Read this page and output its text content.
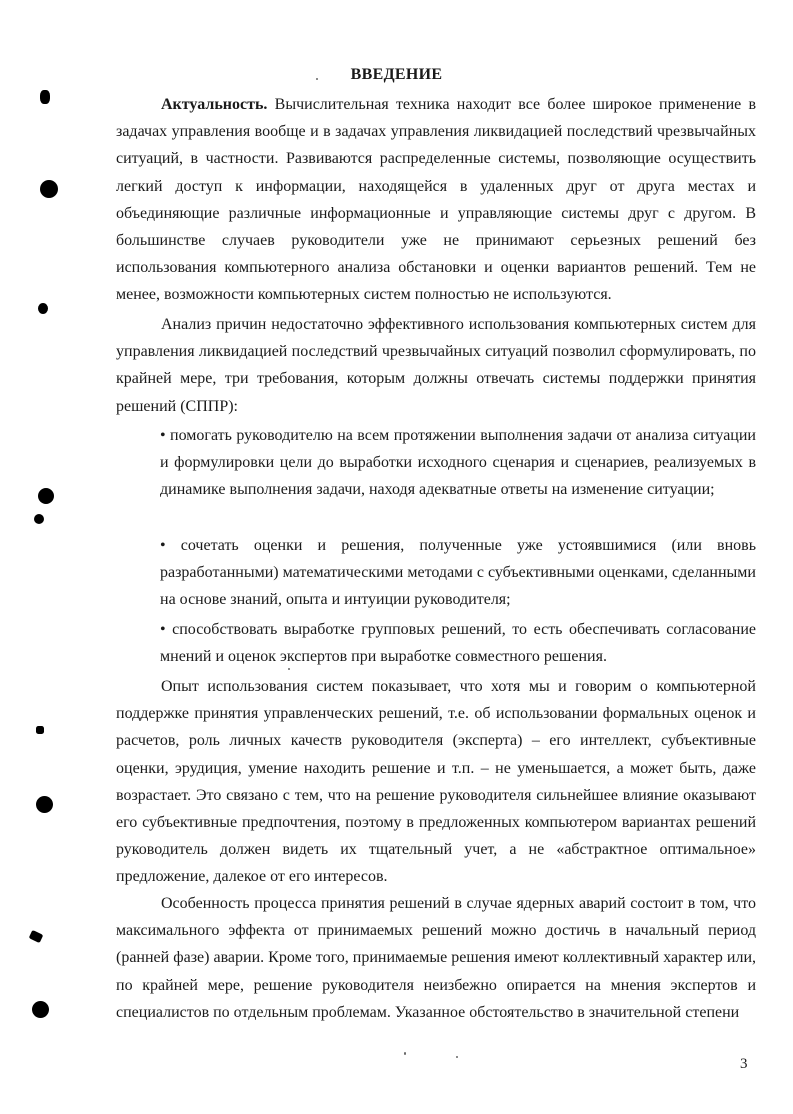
ВВЕДЕНИЕ

Актуальность. Вычислительная техника находит все более широкое применение в задачах управления вообще и в задачах управления ликвидацией последствий чрезвычайных ситуаций, в частности. Развиваются распределенные системы, позволяющие осуществить легкий доступ к информации, находящейся в удаленных друг от друга местах и объединяющие различные информационные и управляющие системы друг с другом. В большинстве случаев руководители уже не принимают серьезных решений без использования компьютерного анализа обстановки и оценки вариантов решений. Тем не менее, возможности компьютерных систем полностью не используются.

Анализ причин недостаточно эффективного использования компьютерных систем для управления ликвидацией последствий чрезвычайных ситуаций позволил сформулировать, по крайней мере, три требования, которым должны отвечать системы поддержки принятия решений (СППР):

• помогать руководителю на всем протяжении выполнения задачи от анализа ситуации и формулировки цели до выработки исходного сценария и сценариев, реализуемых в динамике выполнения задачи, находя адекватные ответы на изменение ситуации;

• сочетать оценки и решения, полученные уже устоявшимися (или вновь разработанными) математическими методами с субъективными оценками, сделанными на основе знаний, опыта и интуиции руководителя;

• способствовать выработке групповых решений, то есть обеспечивать согласование мнений и оценок экспертов при выработке совместного решения.

Опыт использования систем показывает, что хотя мы и говорим о компьютерной поддержке принятия управленческих решений, т.е. об использовании формальных оценок и расчетов, роль личных качеств руководителя (эксперта) – его интеллект, субъективные оценки, эрудиция, умение находить решение и т.п. – не уменьшается, а может быть, даже возрастает. Это связано с тем, что на решение руководителя сильнейшее влияние оказывают его субъективные предпочтения, поэтому в предложенных компьютером вариантах решений руководитель должен видеть их тщательный учет, а не «абстрактное оптимальное» предложение, далекое от его интересов.

Особенность процесса принятия решений в случае ядерных аварий состоит в том, что максимального эффекта от принимаемых решений можно достичь в начальный период (ранней фазе) аварии. Кроме того, принимаемые решения имеют коллективный характер или, по крайней мере, решение руководителя неизбежно опирается на мнения экспертов и специалистов по отдельным проблемам. Указанное обстоятельство в значительной степени

3
